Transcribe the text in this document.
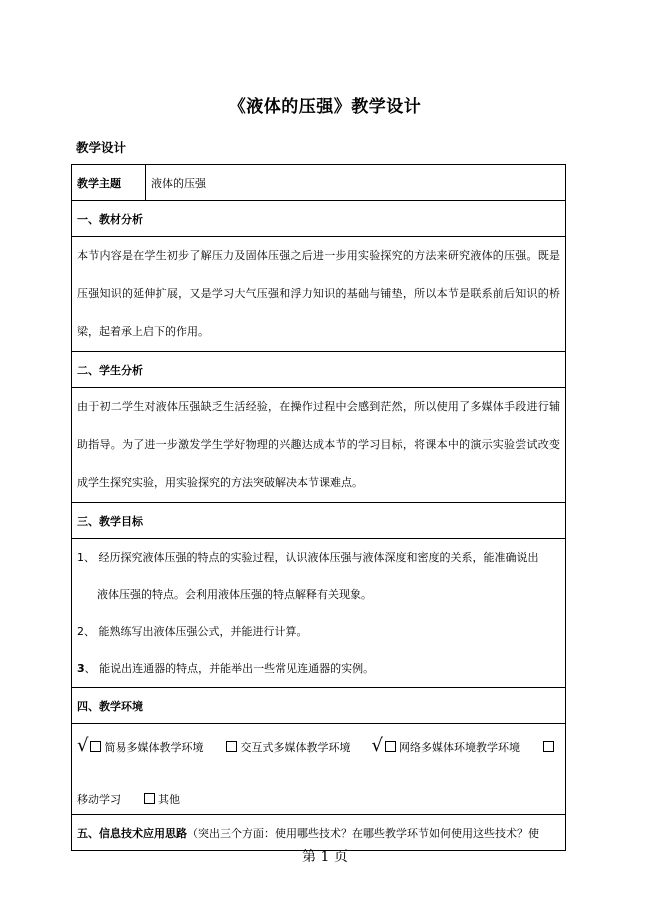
《液体的压强》教学设计
教学设计
教学主题	液体的压强
一、教材分析

本节内容是在学生初步了解压力及固体压强之后进一步用实验探究的方法来研究液体的压强。既是压强知识的延伸扩展，又是学习大气压强和浮力知识的基础与铺垫，所以本节是联系前后知识的桥梁，起着承上启下的作用。

二、学生分析

由于初二学生对液体压强缺乏生活经验，在操作过程中会感到茫然，所以使用了多媒体手段进行辅助指导。为了进一步激发学生学好物理的兴趣达成本节的学习目标，将课本中的演示实验尝试改变成学生探究实验，用实验探究的方法突破解决本节课难点。

三、教学目标

1、 经历探究液体压强的特点的实验过程，认识液体压强与液体深度和密度的关系，能准确说出

液体压强的特点。会利用液体压强的特点解释有关现象。

2、 能熟练写出液体压强公式，并能进行计算。

3、 能说出连通器的特点，并能举出一些常见连通器的实例。

四、教学环境

√ 简易多媒体教学环境	交互式多媒体教学环境 √ 网络多媒体环境教学环境

移动学习	其他

五、信息技术应用思路（突出三个方面：使用哪些技术？在哪些教学环节如何使用这些技术？使
第 1 页
